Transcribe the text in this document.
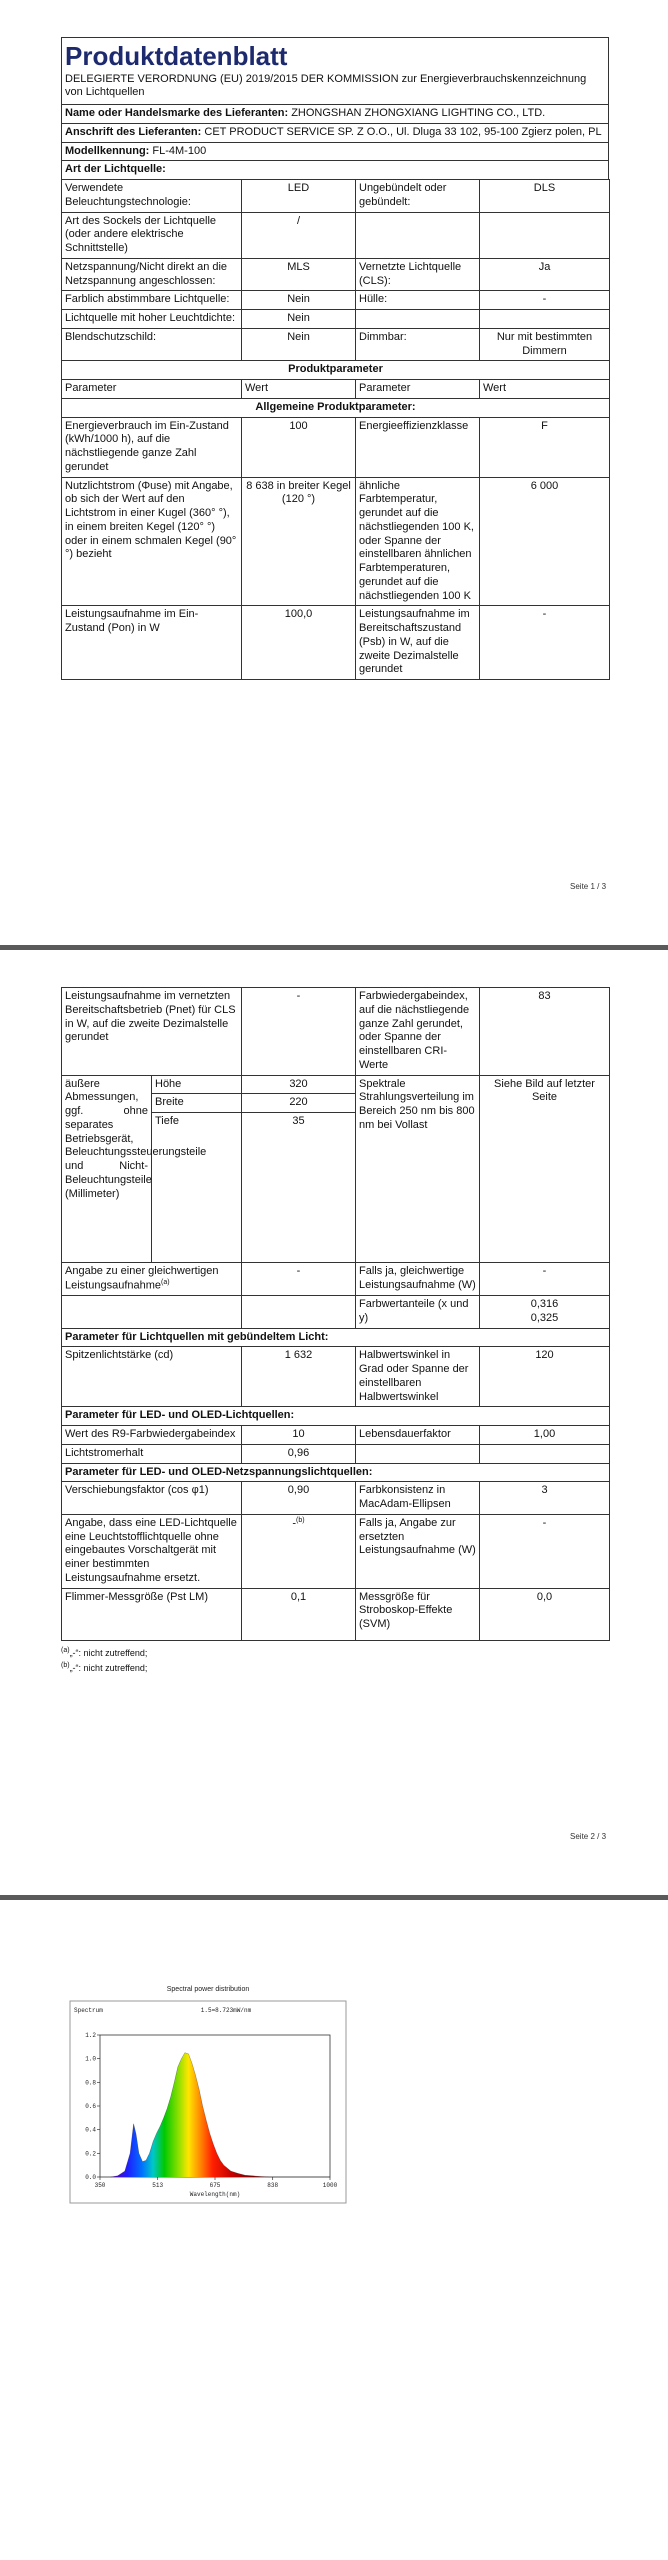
Produktdatenblatt
DELEGIERTE VERORDNUNG (EU) 2019/2015 DER KOMMISSION zur Energieverbrauchskennzeichnung von Lichtquellen

Name oder Handelsmarke des Lieferanten: ZHONGSHAN ZHONGXIANG LIGHTING CO., LTD.
Anschrift des Lieferanten: CET PRODUCT SERVICE SP. Z O.O., Ul. Dluga 33 102, 95-100 Zgierz polen, PL
Modellkennung: FL-4M-100
Art der Lichtquelle:
Verwendete Beleuchtungstechnologie:	LED	Ungebündelt oder gebündelt:	DLS
Art des Sockels der Lichtquelle (oder andere elektrische Schnittstelle)	/		
Netzspannung/Nicht direkt an die Netzspannung angeschlossen:	MLS	Vernetzte Lichtquelle (CLS):	Ja
Farblich abstimmbare Lichtquelle:	Nein	Hülle:	-
Lichtquelle mit hoher Leuchtdichte:	Nein		
Blendschutzschild:	Nein	Dimmbar:	Nur mit bestimmten Dimmern
Produktparameter			
Parameter	Wert	Parameter	Wert
Allgemeine Produktparameter:			
Energieverbrauch im Ein-Zustand (kWh/1000 h), auf die nächstliegende ganze Zahl gerundet	100	Energieeffizienzklasse	F
Nutzlichtstrom (Φuse) mit Angabe, ob sich der Wert auf den Lichtstrom in einer Kugel (360° °), in einem breiten Kegel (120° °) oder in einem schmalen Kegel (90° °) bezieht	8 638 in breiter Kegel (120 °)	ähnliche Farbtemperatur, gerundet auf die nächstliegenden 100 K, oder Spanne der einstellbaren ähnlichen Farbtemperaturen, gerundet auf die nächstliegenden 100 K	6 000
Leistungsaufnahme im Ein-Zustand (Pon) in W	100,0	Leistungsaufnahme im Bereitschaftszustand (Psb) in W, auf die zweite Dezimalstelle gerundet	-
Seite 1 / 3
Leistungsaufnahme im vernetzten Bereitschaftsbetrieb (Pnet) für CLS in W, auf die zweite Dezimalstelle gerundet		-	Farbwiedergabeindex, auf die nächstliegende ganze Zahl gerundet, oder Spanne der einstellbaren CRI-Werte	83
äußere Abmessungen, ggf. ohne separates Betriebsgerät, Beleuchtungssteuerungsteile und Nicht-Beleuchtungsteile (Millimeter)	Höhe	320	Spektrale Strahlungsverteilung im Bereich 250 nm bis 800 nm bei Vollast	Siehe Bild auf letzter Seite
	Breite	220		
	Tiefe	35		
Angabe zu einer gleichwertigen Leistungsaufnahme$^{(a)}$		-	Falls ja, gleichwertige Leistungsaufnahme (W)	-
			Farbwertanteile (x und y)	0,316
0,325

Parameter für Lichtquellen mit gebündeltem Licht:				
Spitzenlichtstärke (cd)		1 632	Halbwertswinkel in Grad oder Spanne der einstellbaren Halbwertswinkel	120
Parameter für LED- und OLED-Lichtquellen:				
Wert des R9-Farbwiedergabeindex		10	Lebensdauerfaktor	1,00
Lichtstromerhalt		0,96		
Parameter für LED- und OLED-Netzspannungslichtquellen:				
Verschiebungsfaktor (cos φ1)		0,90	Farbkonsistenz in MacAdam-Ellipsen	3
Angabe, dass eine LED-Lichtquelle eine Leuchtstofflichtquelle ohne eingebautes Vorschaltgerät mit einer bestimmten Leistungsaufnahme ersetzt.		-$^{(b)}$	Falls ja, Angabe zur ersetzten Leistungsaufnahme (W)	-
Flimmer-Messgröße (Pst LM)		0,1	Messgröße für Stroboskop-Effekte (SVM)	0,0
$^{(a)}$„-“: nicht zutreffend;
$^{(b)}$„-“: nicht zutreffend;
Seite 2 / 3
Spectral power distribution
Spectrum	1.5=8.723mW/nm
0.0
0.2
0.4
0.6
0.8
1.0
1.2
350	513	675	838	1000
Wavelength(nm)
